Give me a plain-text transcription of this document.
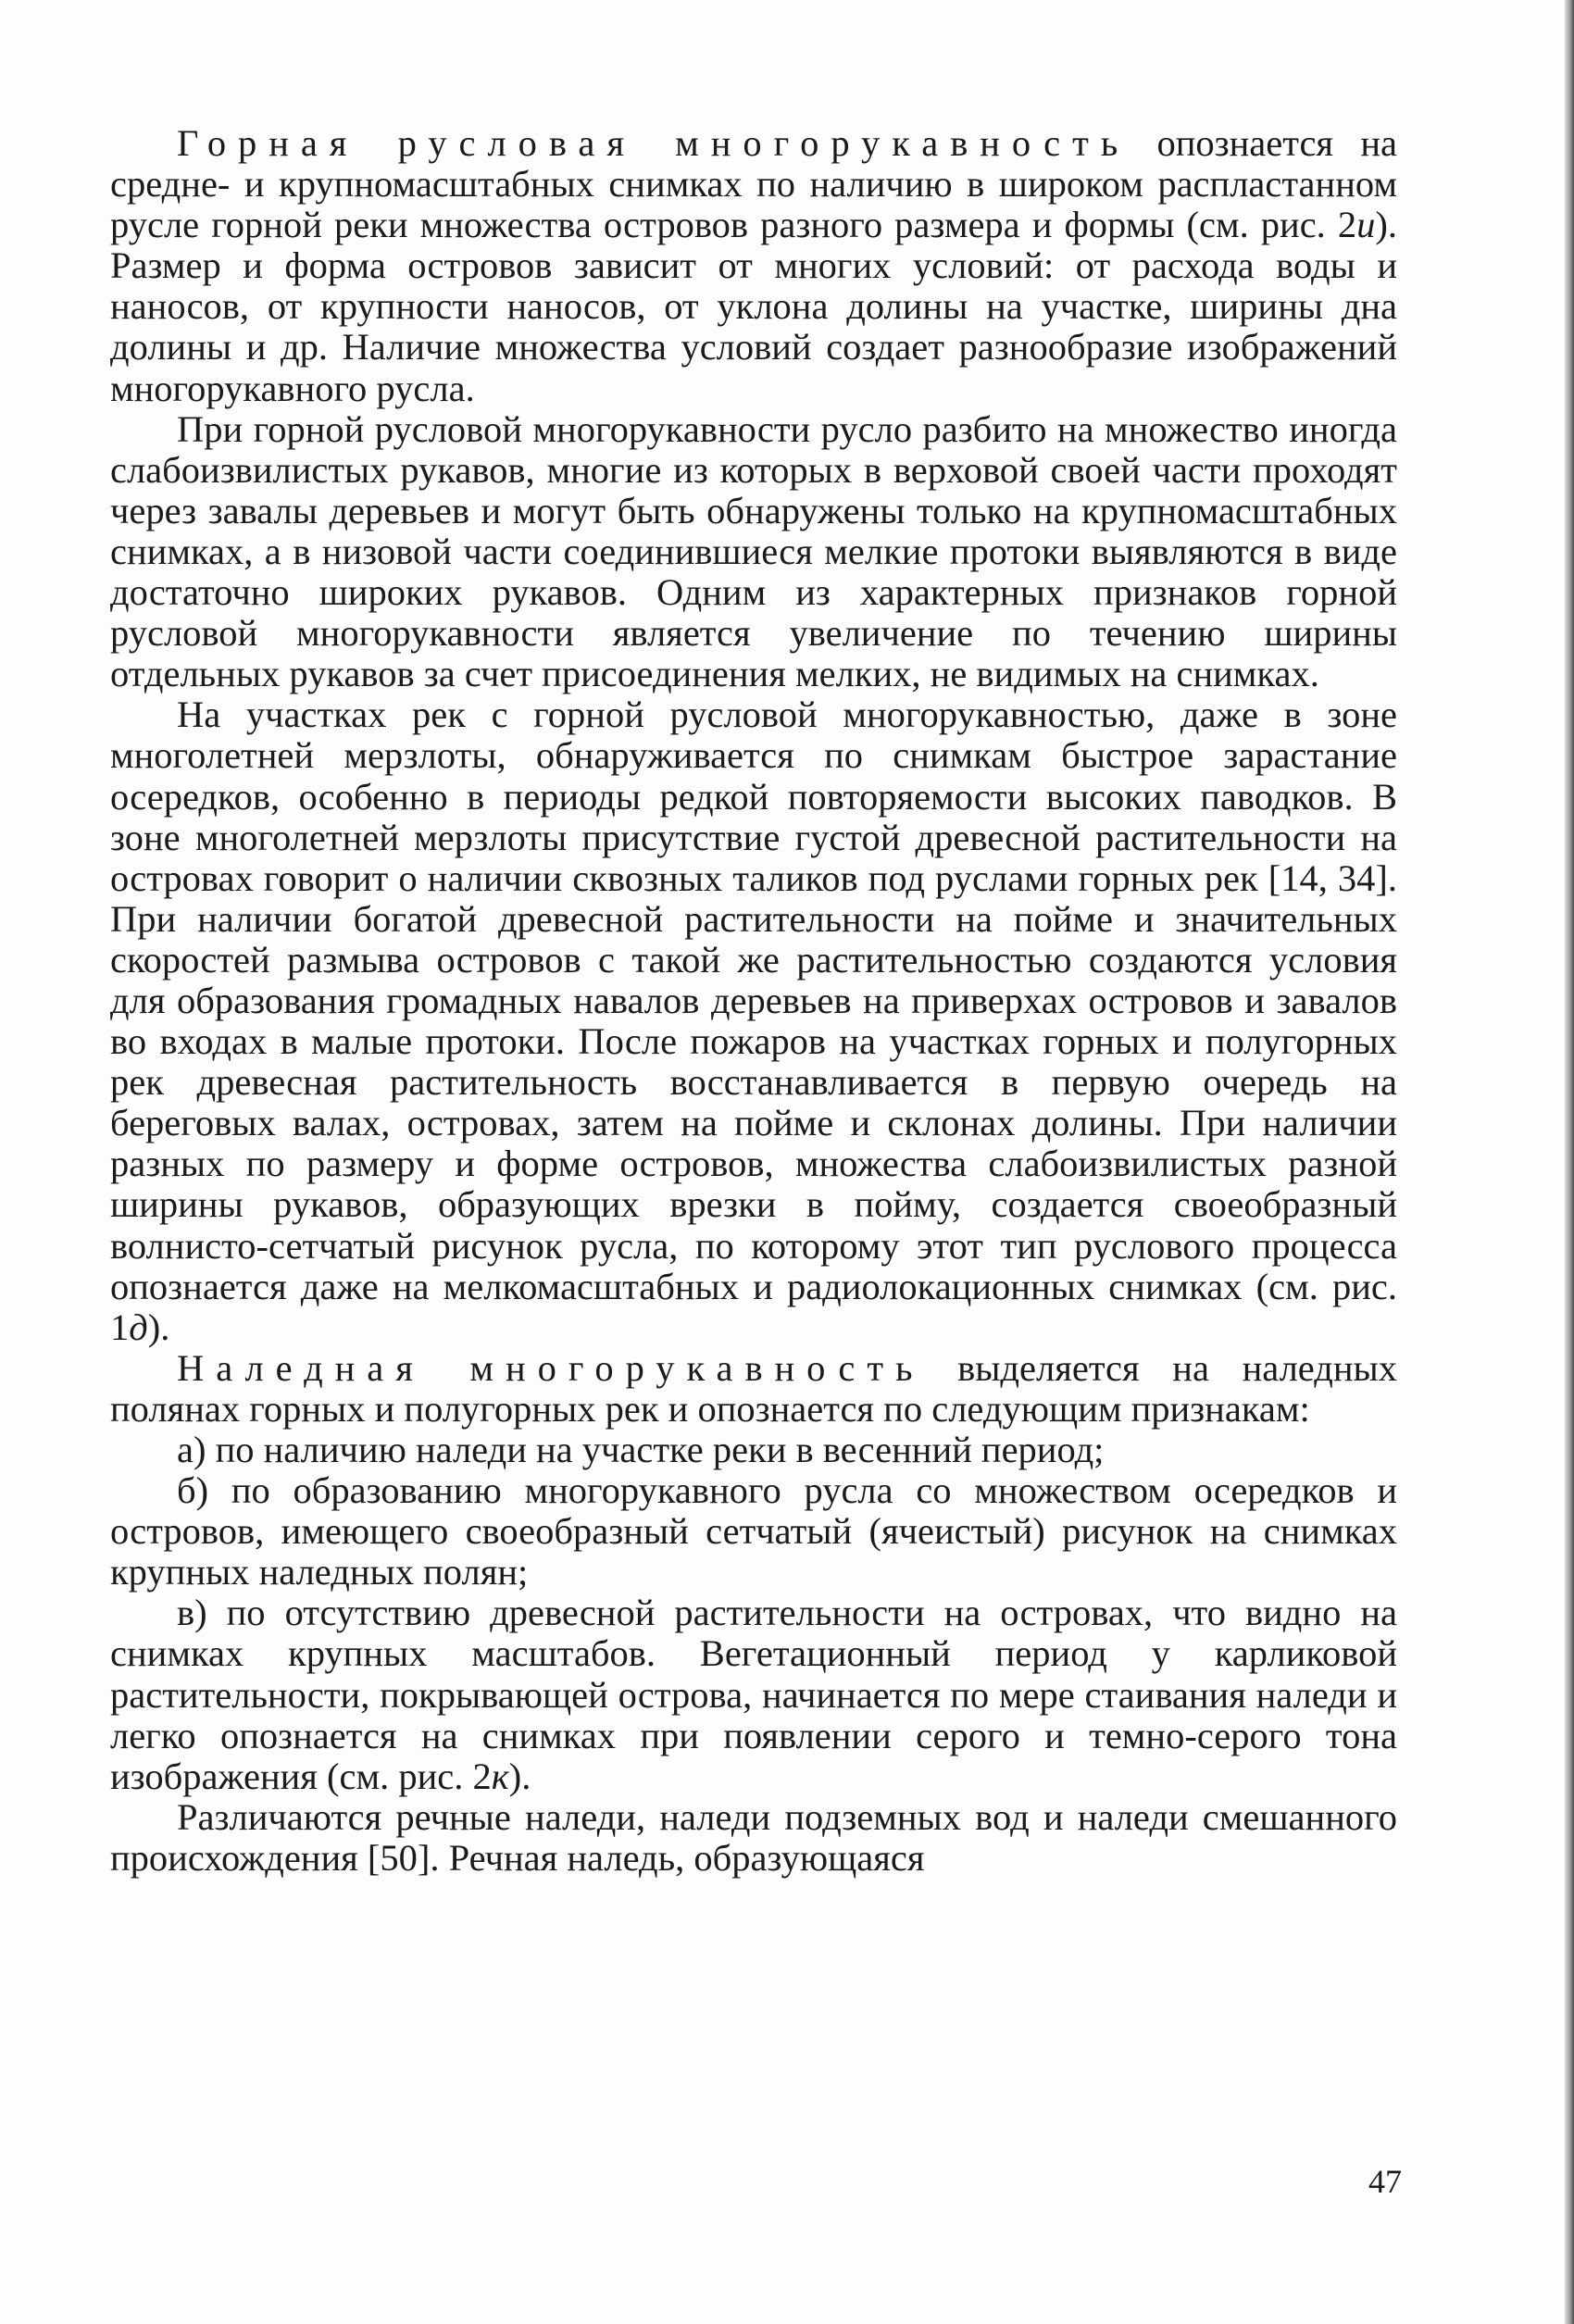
Горная русловая многорукавность опознается на средне- и крупномасштабных снимках по наличию в широком распластанном русле горной реки множества островов разного размера и формы (см. рис. 2и). Размер и форма островов зависит от многих условий: от расхода воды и наносов, от крупности наносов, от уклона долины на участке, ширины дна долины и др. Наличие множества условий создает разнообразие изображений многорукавного русла.

При горной русловой многорукавности русло разбито на множество иногда слабоизвилистых рукавов, многие из которых в верховой своей части проходят через завалы деревьев и могут быть обнаружены только на крупномасштабных снимках, а в низовой части соединившиеся мелкие протоки выявляются в виде достаточно широких рукавов. Одним из характерных признаков горной русловой многорукавности является увеличение по течению ширины отдельных рукавов за счет присоединения мелких, не видимых на снимках.

На участках рек с горной русловой многорукавностью, даже в зоне многолетней мерзлоты, обнаруживается по снимкам быстрое зарастание осередков, особенно в периоды редкой повторяемости высоких паводков. В зоне многолетней мерзлоты присутствие густой древесной растительности на островах говорит о наличии сквозных таликов под руслами горных рек [14, 34]. При наличии богатой древесной растительности на пойме и значительных скоростей размыва островов с такой же растительностью создаются условия для образования громадных навалов деревьев на приверхах островов и завалов во входах в малые протоки. После пожаров на участках горных и полугорных рек древесная растительность восстанавливается в первую очередь на береговых валах, островах, затем на пойме и склонах долины. При наличии разных по размеру и форме островов, множества слабоизвилистых разной ширины рукавов, образующих врезки в пойму, создается своеобразный волнисто-сетчатый рисунок русла, по которому этот тип руслового процесса опознается даже на мелкомасштабных и радиолокационных снимках (см. рис. 1д).

Наледная многорукавность выделяется на наледных полянах горных и полугорных рек и опознается по следующим признакам:

а) по наличию наледи на участке реки в весенний период;

б) по образованию многорукавного русла со множеством осередков и островов, имеющего своеобразный сетчатый (ячеистый) рисунок на снимках крупных наледных полян;

в) по отсутствию древесной растительности на островах, что видно на снимках крупных масштабов. Вегетационный период у карликовой растительности, покрывающей острова, начинается по мере стаивания наледи и легко опознается на снимках при появлении серого и темно-серого тона изображения (см. рис. 2к).

Различаются речные наледи, наледи подземных вод и наледи смешанного происхождения [50]. Речная наледь, образующаяся

47
